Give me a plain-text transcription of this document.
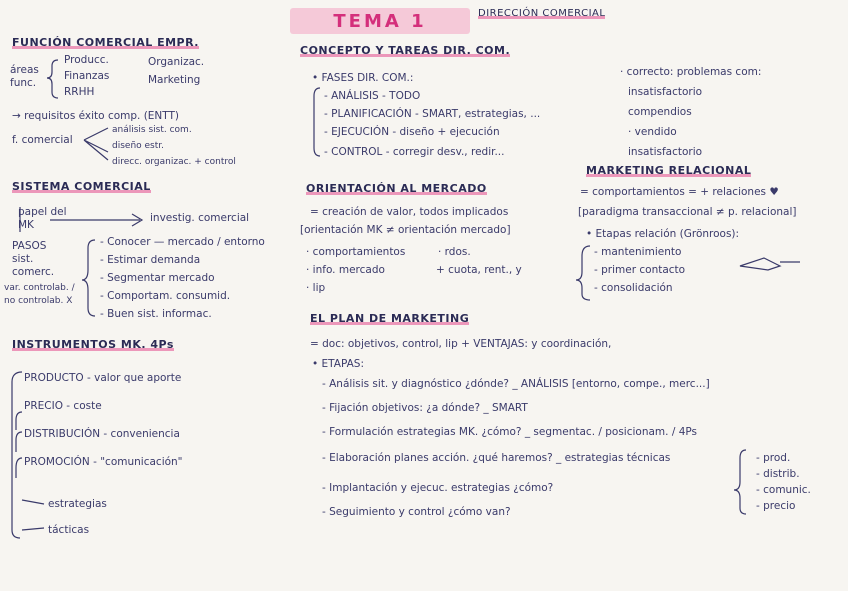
TEMA 1	DIRECCIÓN COMERCIAL
FUNCIÓN COMERCIAL EMPR.
áreas func.
Producc.
Finanzas
RRHH
Organizac.
Marketing
→ requisitos éxito comp. (ENTT)
f. comercial
análisis sist. com.
diseño estr.
direcc. organizac. + control
SISTEMA COMERCIAL
papel del MK
investig. comercial
PASOS sist. comerc.
var. controlab. / no controlab. X
- Conocer — mercado / entorno
- Estimar demanda
- Segmentar mercado
- Comportam. consumid.
- Buen sist. informac.
INSTRUMENTOS MK. 4Ps
PRODUCTO - valor que aporte
PRECIO - coste
DISTRIBUCIÓN - conveniencia
PROMOCIÓN - "comunicación"
estrategias
tácticas
CONCEPTO Y TAREAS DIR. COM.
• FASES DIR. COM.:
- ANÁLISIS - TODO
- PLANIFICACIÓN - SMART, estrategias, ...
- EJECUCIÓN - diseño + ejecución
- CONTROL - corregir desv., redir...
ORIENTACIÓN AL MERCADO
= creación de valor, todos implicados
[orientación MK ≠ orientación mercado]
· comportamientos	· rdos.
· info. mercado	+ cuota, rent., y
· lip
EL PLAN DE MARKETING
= doc: objetivos, control, lip + VENTAJAS: y coordinación,
• ETAPAS:
- Análisis sit. y diagnóstico ¿dónde? _ ANÁLISIS [entorno, compe., merc...]
- Fijación objetivos: ¿a dónde? _ SMART
- Formulación estrategias MK. ¿cómo? _ segmentac. / posicionam. / 4Ps
- Elaboración planes acción. ¿qué haremos? _ estrategias técnicas
- Implantación y ejecuc. estrategias ¿cómo?
- Seguimiento y control ¿cómo van?
- prod.
- distrib.
- comunic.
- precio
· correcto: problemas com:
insatisfactorio
compendios
· vendido
insatisfactorio
MARKETING RELACIONAL
= comportamientos = + relaciones ♥
[paradigma transaccional ≠ p. relacional]
• Etapas relación (Grönroos):
- mantenimiento
- primer contacto
- consolidación
